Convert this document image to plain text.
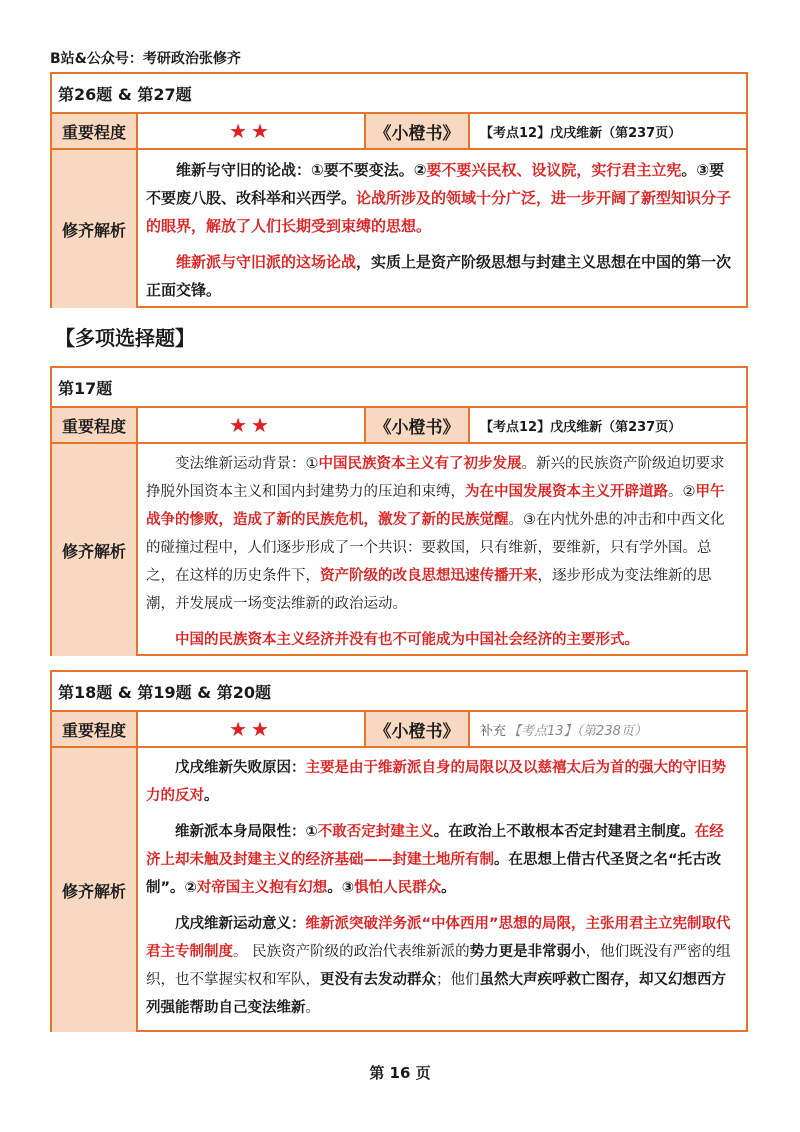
B站&公众号：考研政治张修齐
第26题 & 第27题
重要程度	★★	《小橙书》	【考点12】戊戌维新（第237页）
修齐解析

维新与守旧的论战：①要不要变法。②要不要兴民权、设议院，实行君主立宪。③要不要废八股、改科举和兴西学。论战所涉及的领域十分广泛，进一步开阔了新型知识分子的眼界，解放了人们长期受到束缚的思想。

维新派与守旧派的这场论战，实质上是资产阶级思想与封建主义思想在中国的第一次正面交锋。

【多项选择题】
第17题
重要程度	★★	《小橙书》	【考点12】戊戌维新（第237页）
修齐解析

变法维新运动背景：①中国民族资本主义有了初步发展。新兴的民族资产阶级迫切要求挣脱外国资本主义和国内封建势力的压迫和束缚，为在中国发展资本主义开辟道路。②甲午战争的惨败，造成了新的民族危机，激发了新的民族觉醒。③在内忧外患的冲击和中西文化的碰撞过程中，人们逐步形成了一个共识：要救国，只有维新，要维新，只有学外国。总之，在这样的历史条件下，资产阶级的改良思想迅速传播开来，逐步形成为变法维新的思潮，并发展成一场变法维新的政治运动。

中国的民族资本主义经济并没有也不可能成为中国社会经济的主要形式。

第18题 & 第19题 & 第20题
重要程度	★★	《小橙书》	补充 【考点13】（第238页）
修齐解析

戊戌维新失败原因：主要是由于维新派自身的局限以及以慈禧太后为首的强大的守旧势力的反对。

维新派本身局限性：①不敢否定封建主义。在政治上不敢根本否定封建君主制度。在经济上却未触及封建主义的经济基础——封建土地所有制。在思想上借古代圣贤之名“托古改制”。②对帝国主义抱有幻想。③惧怕人民群众。

戊戌维新运动意义：维新派突破洋务派“中体西用”思想的局限，主张用君主立宪制取代君主专制制度。 民族资产阶级的政治代表维新派的势力更是非常弱小，他们既没有严密的组织，也不掌握实权和军队，更没有去发动群众；他们虽然大声疾呼救亡图存，却又幻想西方列强能帮助自己变法维新。

第 16 页
